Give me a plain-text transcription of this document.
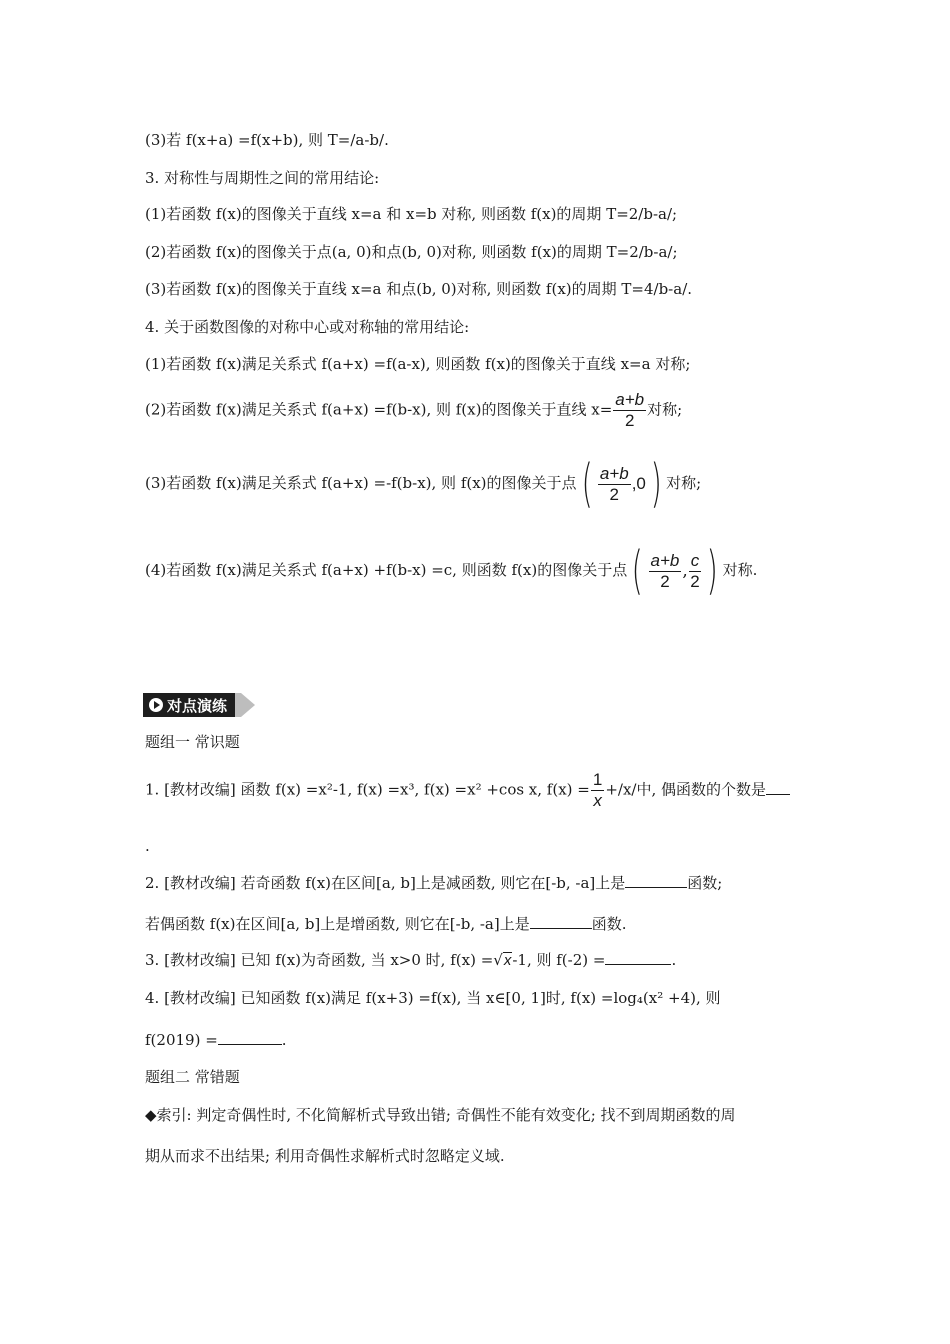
(3)若 f(x+a) =f(x+b), 则 T=/a-b/.
3. 对称性与周期性之间的常用结论:
(1)若函数 f(x)的图像关于直线 x=a 和 x=b 对称, 则函数 f(x)的周期 T=2/b-a/;
(2)若函数 f(x)的图像关于点(a, 0)和点(b, 0)对称, 则函数 f(x)的周期 T=2/b-a/;
(3)若函数 f(x)的图像关于直线 x=a 和点(b, 0)对称, 则函数 f(x)的周期 T=4/b-a/.
4. 关于函数图像的对称中心或对称轴的常用结论:
(1)若函数 f(x)满足关系式 f(a+x) =f(a-x), 则函数 f(x)的图像关于直线 x=a 对称;
(2)若函数 f(x)满足关系式 f(a+x) =f(b-x), 则 f(x)的图像关于直线 $x= \frac{a+b}{2}$ 对称;
(3)若函数 f(x)满足关系式 f(a+x) =-f(b-x), 则 f(x)的图像关于点( $\frac{a+b}{2} ,0$) 对称;
(4)若函数 f(x)满足关系式 f(a+x) +f(b-x) =c, 则函数 f(x)的图像关于点( $\frac{a+b}{2}$ , $\frac{c}{2}$ ) 对称.
对点演练
题组一 常识题
1. [教材改编] 函数 f(x) =x²-1, f(x) =x³, f(x) =x² +cos x, $f(x) = \frac{1}{x} +/x/$中, 偶函数的个数是
.
2. [教材改编] 若奇函数 f(x)在区间[a, b]上是减函数, 则它在[-b, -a]上是	函数;
若偶函数 f(x)在区间[a, b]上是增函数, 则它在[-b, -a]上是	函数.
3. [教材改编] 已知 f(x)为奇函数, 当 x>0 时, f(x) =√x-1, 则 f(-2) =	.
4. [教材改编] 已知函数 f(x)满足 f(x+3) =f(x), 当 x∈[0, 1]时, f(x) =log₄(x² +4), 则
f(2019) =	.
题组二 常错题
◆索引: 判定奇偶性时, 不化简解析式导致出错; 奇偶性不能有效变化; 找不到周期函数的周
期从而求不出结果; 利用奇偶性求解析式时忽略定义域.
